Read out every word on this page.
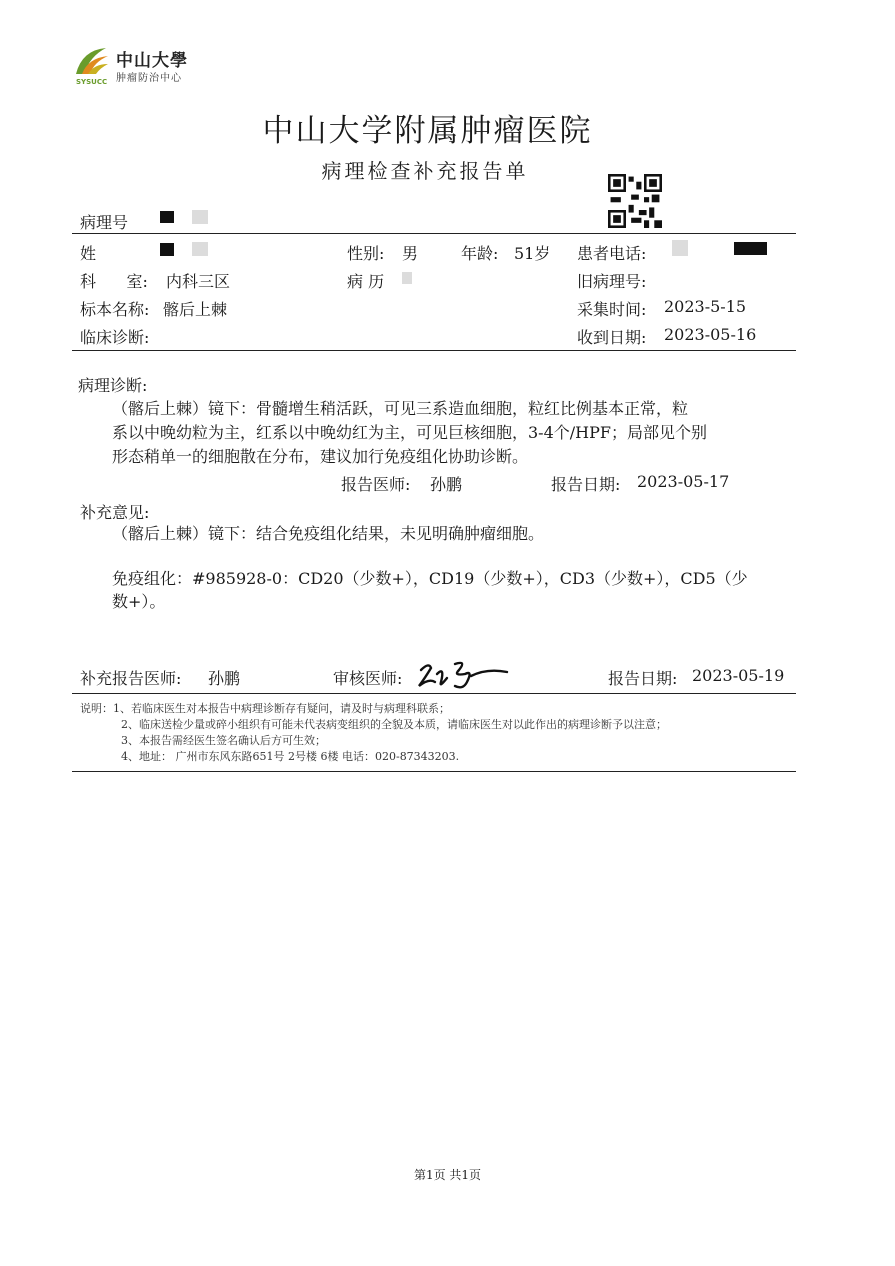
SYSUCC
中山大學
肿瘤防治中心
中山大学附属肿瘤医院
病理检查补充报告单
病理号
姓	性别: 男	年龄: 51岁 患者电话:
科      室: 内科三区	病 历	旧病理号:
标本名称: 髂后上棘	采集时间: 2023-5-15
临床诊断:	收到日期: 2023-05-16
病理诊断:
（髂后上棘）镜下：骨髓增生稍活跃，可见三系造血细胞，粒红比例基本正常，粒
系以中晚幼粒为主，红系以中晚幼红为主，可见巨核细胞，3-4个/HPF；局部见个别
形态稍单一的细胞散在分布，建议加行免疫组化协助诊断。
报告医师: 孙鹏	报告日期: 2023-05-17
补充意见:
（髂后上棘）镜下：结合免疫组化结果，未见明确肿瘤细胞。
免疫组化：#985928-0：CD20（少数+），CD19（少数+），CD3（少数+），CD5（少
数+）。
补充报告医师: 孙鹏	审核医师:	报告日期: 2023-05-19
说明：1、若临床医生对本报告中病理诊断存有疑问，请及时与病理科联系；
2、临床送检少量或碎小组织有可能未代表病变组织的全貌及本质，请临床医生对以此作出的病理诊断予以注意；
3、本报告需经医生签名确认后方可生效；
4、地址： 广州市东风东路651号 2号楼 6楼 电话：020-87343203.
第1页 共1页
